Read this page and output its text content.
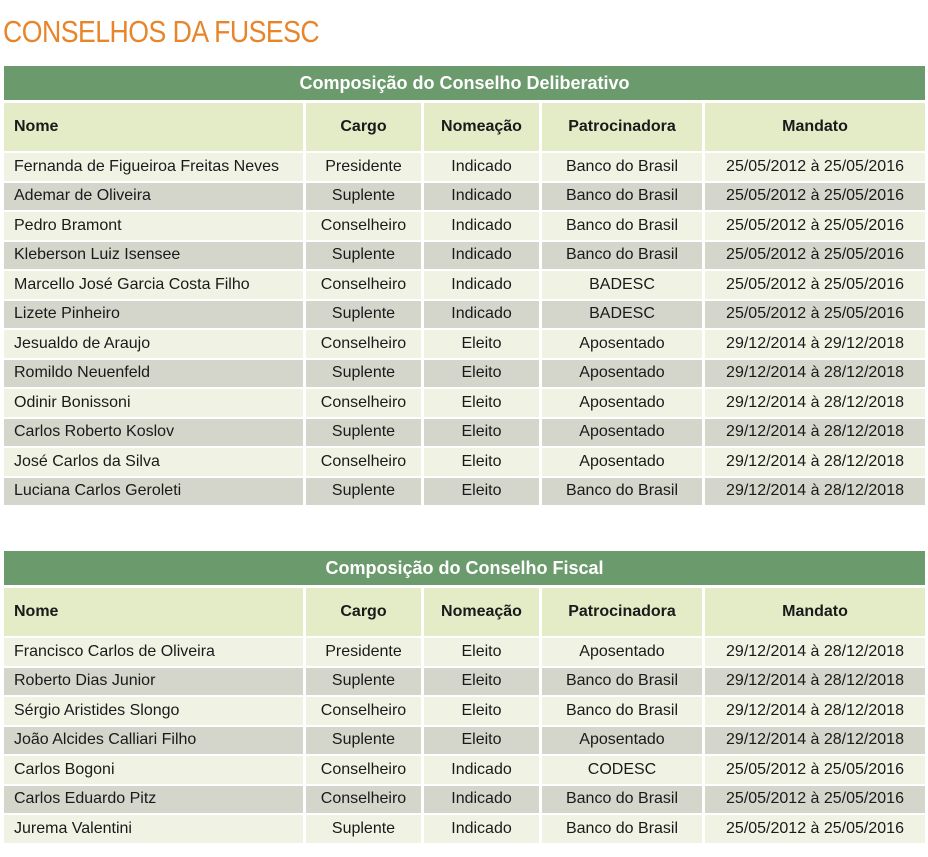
CONSELHOS DA FUSESC
Composição do Conselho Deliberativo				
Nome	Cargo	Nomeação	Patrocinadora	Mandato
Fernanda de Figueiroa Freitas Neves	Presidente	Indicado	Banco do Brasil	25/05/2012 à 25/05/2016
Ademar de Oliveira	Suplente	Indicado	Banco do Brasil	25/05/2012 à 25/05/2016
Pedro Bramont	Conselheiro	Indicado	Banco do Brasil	25/05/2012 à 25/05/2016
Kleberson Luiz Isensee	Suplente	Indicado	Banco do Brasil	25/05/2012 à 25/05/2016
Marcello José Garcia Costa Filho	Conselheiro	Indicado	BADESC	25/05/2012 à 25/05/2016
Lizete Pinheiro	Suplente	Indicado	BADESC	25/05/2012 à 25/05/2016
Jesualdo de Araujo	Conselheiro	Eleito	Aposentado	29/12/2014 à 29/12/2018
Romildo Neuenfeld	Suplente	Eleito	Aposentado	29/12/2014 à 28/12/2018
Odinir Bonissoni	Conselheiro	Eleito	Aposentado	29/12/2014 à 28/12/2018
Carlos Roberto Koslov	Suplente	Eleito	Aposentado	29/12/2014 à 28/12/2018
José Carlos da Silva	Conselheiro	Eleito	Aposentado	29/12/2014 à 28/12/2018
Luciana Carlos Geroleti	Suplente	Eleito	Banco do Brasil	29/12/2014 à 28/12/2018
Composição do Conselho Fiscal				
Nome	Cargo	Nomeação	Patrocinadora	Mandato
Francisco Carlos de Oliveira	Presidente	Eleito	Aposentado	29/12/2014 à 28/12/2018
Roberto Dias Junior	Suplente	Eleito	Banco do Brasil	29/12/2014 à 28/12/2018
Sérgio Aristides Slongo	Conselheiro	Eleito	Banco do Brasil	29/12/2014 à 28/12/2018
João Alcides Calliari Filho	Suplente	Eleito	Aposentado	29/12/2014 à 28/12/2018
Carlos Bogoni	Conselheiro	Indicado	CODESC	25/05/2012 à 25/05/2016
Carlos Eduardo Pitz	Conselheiro	Indicado	Banco do Brasil	25/05/2012 à 25/05/2016
Jurema Valentini	Suplente	Indicado	Banco do Brasil	25/05/2012 à 25/05/2016
